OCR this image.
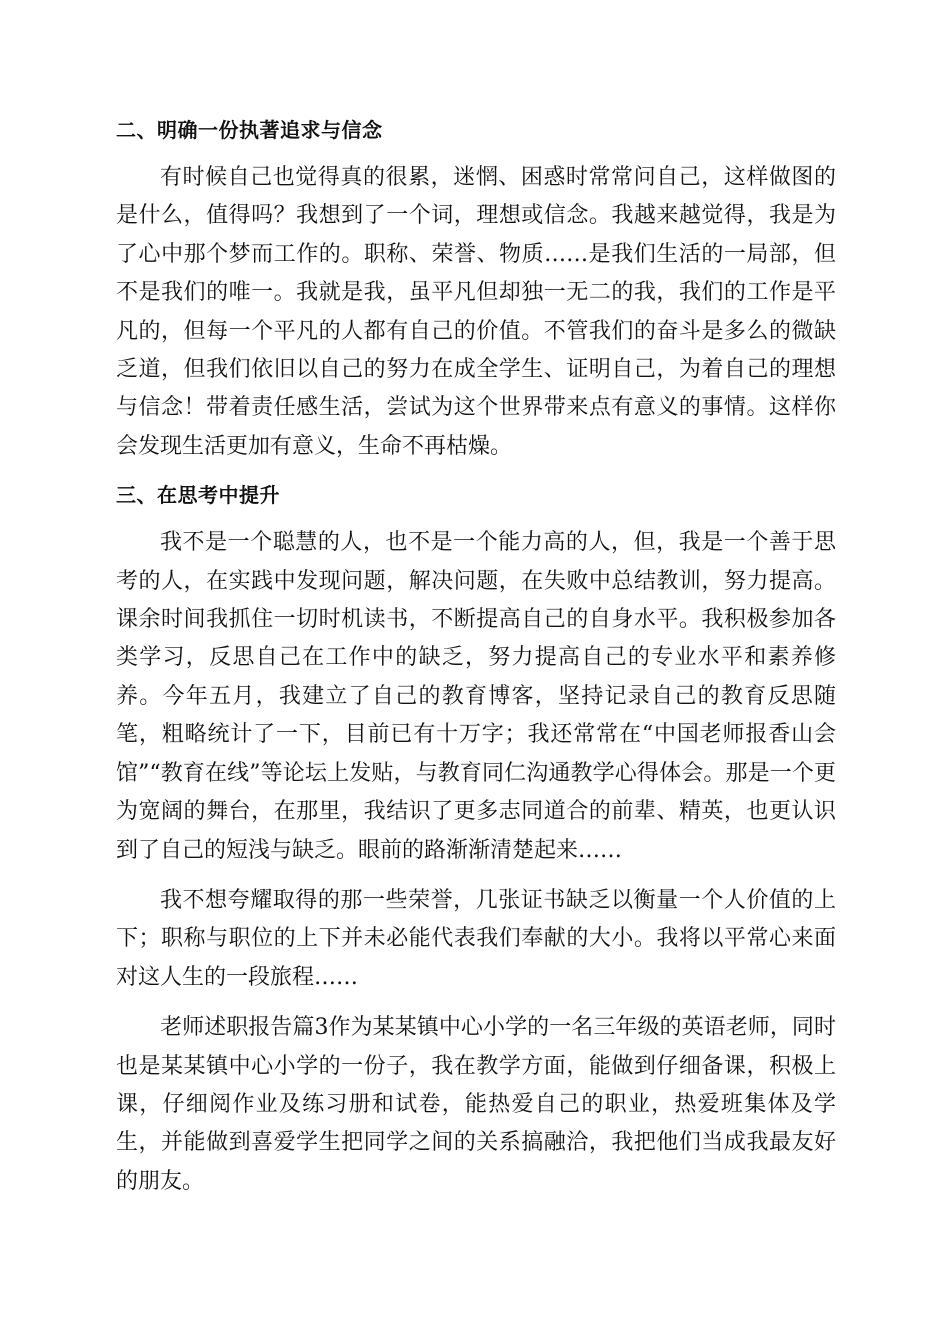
二、明确一份执著追求与信念

有时候自己也觉得真的很累，迷惘、困惑时常常问自己，这样做图的是什么，值得吗？我想到了一个词，理想或信念。我越来越觉得，我是为了心中那个梦而工作的。职称、荣誉、物质……是我们生活的一局部，但不是我们的唯一。我就是我，虽平凡但却独一无二的我，我们的工作是平凡的，但每一个平凡的人都有自己的价值。不管我们的奋斗是多么的微缺乏道，但我们依旧以自己的努力在成全学生、证明自己，为着自己的理想与信念！带着责任感生活，尝试为这个世界带来点有意义的事情。这样你会发现生活更加有意义，生命不再枯燥。

三、在思考中提升

我不是一个聪慧的人，也不是一个能力高的人，但，我是一个善于思考的人，在实践中发现问题，解决问题，在失败中总结教训，努力提高。课余时间我抓住一切时机读书，不断提高自己的自身水平。我积极参加各类学习，反思自己在工作中的缺乏，努力提高自己的专业水平和素养修养。今年五月，我建立了自己的教育博客，坚持记录自己的教育反思随笔，粗略统计了一下，目前已有十万字；我还常常在“中国老师报香山会馆”“教育在线”等论坛上发贴，与教育同仁沟通教学心得体会。那是一个更为宽阔的舞台，在那里，我结识了更多志同道合的前辈、精英，也更认识到了自己的短浅与缺乏。眼前的路渐渐清楚起来……

我不想夸耀取得的那一些荣誉，几张证书缺乏以衡量一个人价值的上下；职称与职位的上下并未必能代表我们奉献的大小。我将以平常心来面对这人生的一段旅程……

老师述职报告篇3作为某某镇中心小学的一名三年级的英语老师，同时也是某某镇中心小学的一份子，我在教学方面，能做到仔细备课，积极上课，仔细阅作业及练习册和试卷，能热爱自己的职业，热爱班集体及学生，并能做到喜爱学生把同学之间的关系搞融洽，我把他们当成我最友好的朋友。
